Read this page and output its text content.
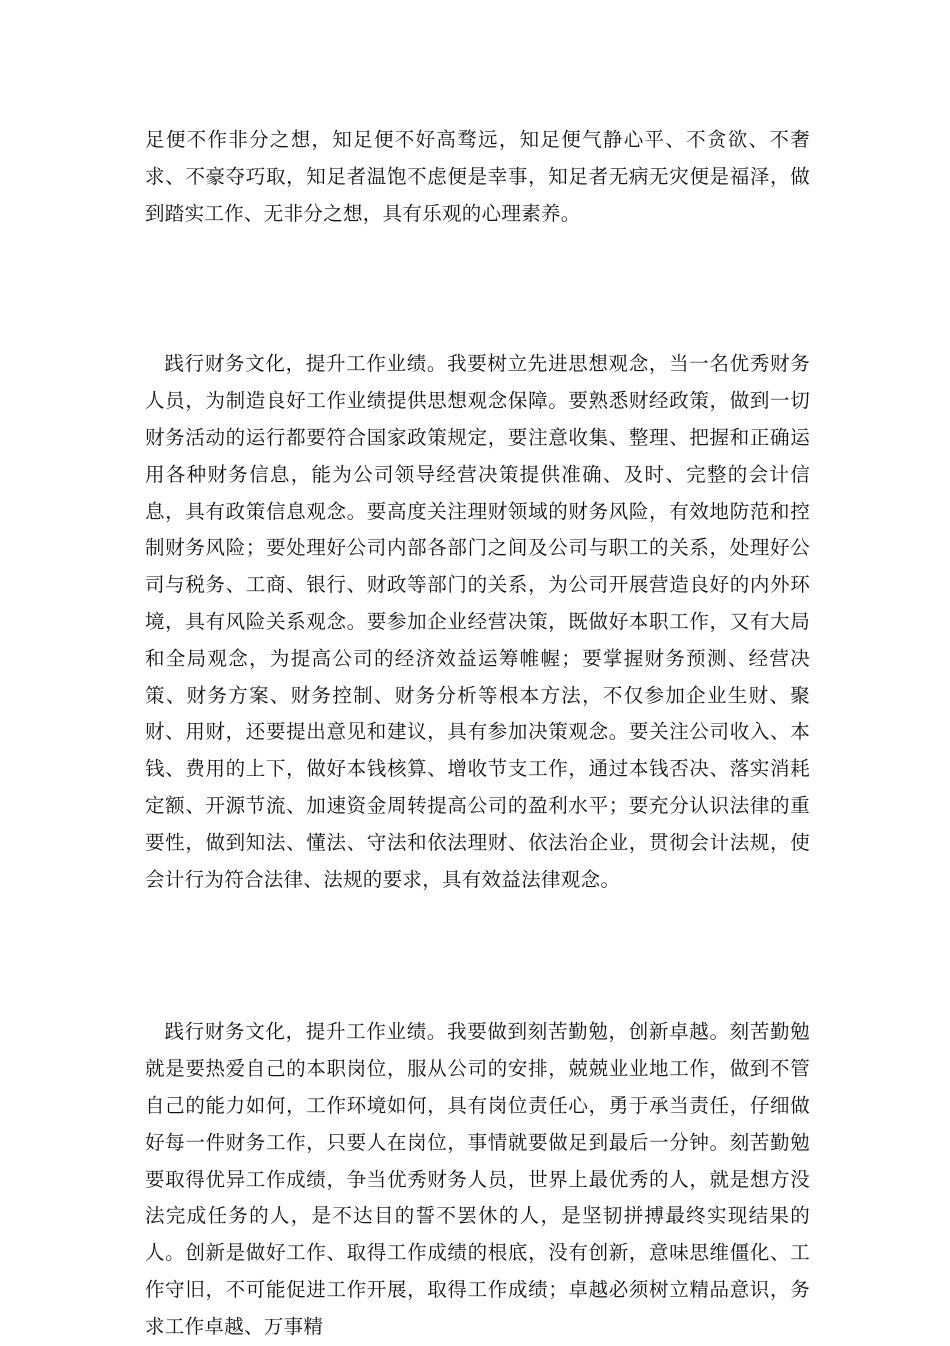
足便不作非分之想，知足便不好高骛远，知足便气静心平、不贪欲、不奢求、不豪夺巧取，知足者温饱不虑便是幸事，知足者无病无灾便是福泽，做到踏实工作、无非分之想，具有乐观的心理素养。

践行财务文化，提升工作业绩。我要树立先进思想观念，当一名优秀财务人员，为制造良好工作业绩提供思想观念保障。要熟悉财经政策，做到一切财务活动的运行都要符合国家政策规定，要注意收集、整理、把握和正确运用各种财务信息，能为公司领导经营决策提供准确、及时、完整的会计信息，具有政策信息观念。要高度关注理财领域的财务风险，有效地防范和控制财务风险；要处理好公司内部各部门之间及公司与职工的关系，处理好公司与税务、工商、银行、财政等部门的关系，为公司开展营造良好的内外环境，具有风险关系观念。要参加企业经营决策，既做好本职工作，又有大局和全局观念，为提高公司的经济效益运筹帷幄；要掌握财务预测、经营决策、财务方案、财务控制、财务分析等根本方法，不仅参加企业生财、聚财、用财，还要提出意见和建议，具有参加决策观念。要关注公司收入、本钱、费用的上下，做好本钱核算、增收节支工作，通过本钱否决、落实消耗定额、开源节流、加速资金周转提高公司的盈利水平；要充分认识法律的重要性，做到知法、懂法、守法和依法理财、依法治企业，贯彻会计法规，使会计行为符合法律、法规的要求，具有效益法律观念。

践行财务文化，提升工作业绩。我要做到刻苦勤勉，创新卓越。刻苦勤勉就是要热爱自己的本职岗位，服从公司的安排，兢兢业业地工作，做到不管自己的能力如何，工作环境如何，具有岗位责任心，勇于承当责任，仔细做好每一件财务工作，只要人在岗位，事情就要做足到最后一分钟。刻苦勤勉要取得优异工作成绩，争当优秀财务人员，世界上最优秀的人，就是想方没法完成任务的人，是不达目的誓不罢休的人，是坚韧拼搏最终实现结果的人。创新是做好工作、取得工作成绩的根底，没有创新，意味思维僵化、工作守旧，不可能促进工作开展，取得工作成绩；卓越必须树立精品意识，务求工作卓越、万事精
